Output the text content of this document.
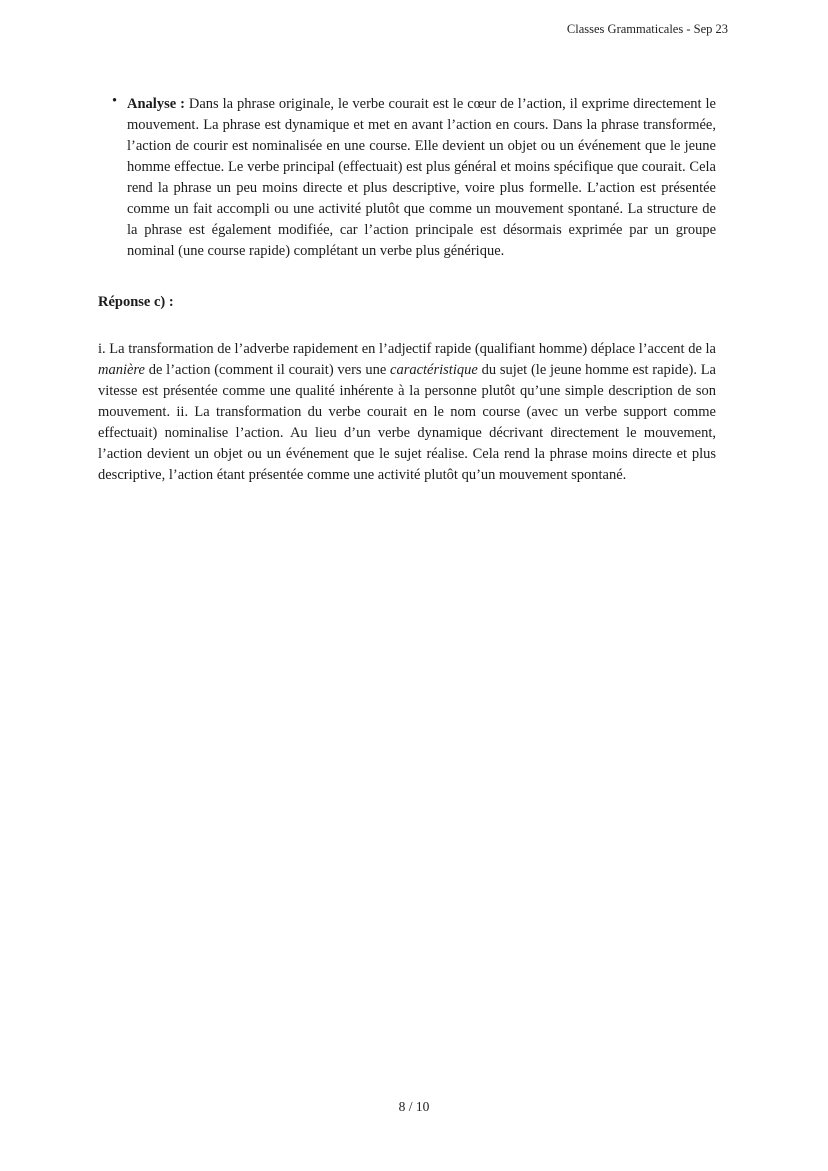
Classes Grammaticales - Sep 23
• Analyse : Dans la phrase originale, le verbe courait est le cœur de l’action, il exprime directement le mouvement. La phrase est dynamique et met en avant l’action en cours. Dans la phrase transformée, l’action de courir est nominalisée en une course. Elle devient un objet ou un événement que le jeune homme effectue. Le verbe principal (effectuait) est plus général et moins spécifique que courait. Cela rend la phrase un peu moins directe et plus descriptive, voire plus formelle. L’action est présentée comme un fait accompli ou une activité plutôt que comme un mouvement spontané. La structure de la phrase est également modifiée, car l’action principale est désormais exprimée par un groupe nominal (une course rapide) complétant un verbe plus générique.

Réponse c) :

i. La transformation de l’adverbe rapidement en l’adjectif rapide (qualifiant homme) déplace l’accent de la manière de l’action (comment il courait) vers une caractéristique du sujet (le jeune homme est rapide). La vitesse est présentée comme une qualité inhérente à la personne plutôt qu’une simple description de son mouvement. ii. La transformation du verbe courait en le nom course (avec un verbe support comme effectuait) nominalise l’action. Au lieu d’un verbe dynamique décrivant directement le mouvement, l’action devient un objet ou un événement que le sujet réalise. Cela rend la phrase moins directe et plus descriptive, l’action étant présentée comme une activité plutôt qu’un mouvement spontané.

8 / 10
